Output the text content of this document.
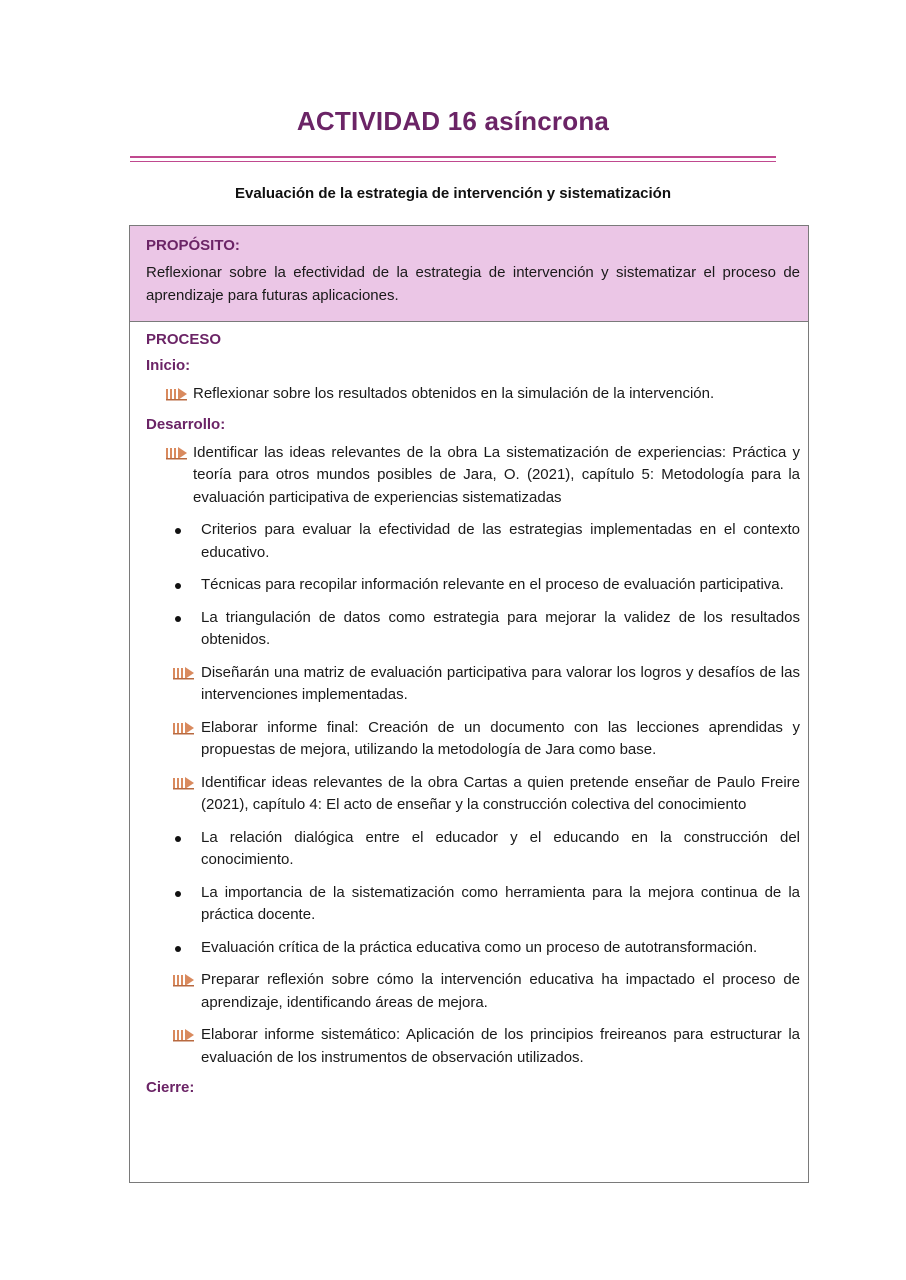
ACTIVIDAD 16 asíncrona
Evaluación de la estrategia de intervención y sistematización
PROPÓSITO:
Reflexionar sobre la efectividad de la estrategia de intervención y sistematizar el proceso de aprendizaje para futuras aplicaciones.
PROCESO
Inicio:
Reflexionar sobre los resultados obtenidos en la simulación de la intervención.
Desarrollo:
Identificar las ideas relevantes de la obra La sistematización de experiencias: Práctica y teoría para otros mundos posibles de Jara, O. (2021), capítulo 5: Metodología para la evaluación participativa de experiencias sistematizadas
Criterios para evaluar la efectividad de las estrategias implementadas en el contexto educativo.
Técnicas para recopilar información relevante en el proceso de evaluación participativa.
La triangulación de datos como estrategia para mejorar la validez de los resultados obtenidos.
Diseñarán una matriz de evaluación participativa para valorar los logros y desafíos de las intervenciones implementadas.
Elaborar informe final: Creación de un documento con las lecciones aprendidas y propuestas de mejora, utilizando la metodología de Jara como base.
Identificar ideas relevantes de la obra Cartas a quien pretende enseñar de Paulo Freire (2021), capítulo 4: El acto de enseñar y la construcción colectiva del conocimiento
La relación dialógica entre el educador y el educando en la construcción del conocimiento.
La importancia de la sistematización como herramienta para la mejora continua de la práctica docente.
Evaluación crítica de la práctica educativa como un proceso de autotransformación.
Preparar reflexión sobre cómo la intervención educativa ha impactado el proceso de aprendizaje, identificando áreas de mejora.
Elaborar informe sistemático: Aplicación de los principios freireanos para estructurar la evaluación de los instrumentos de observación utilizados.
Cierre:
